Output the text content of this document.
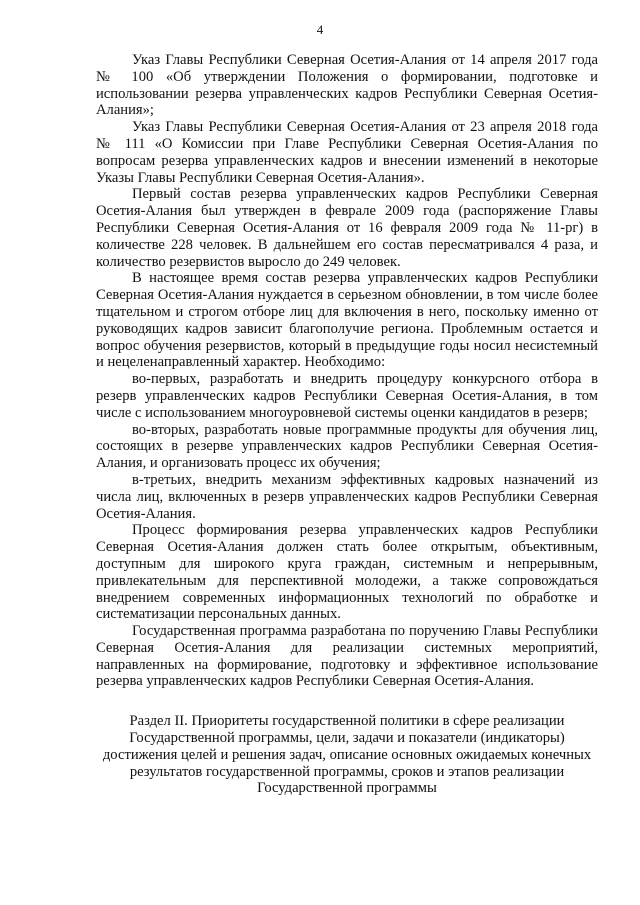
4

Указ Главы Республики Северная Осетия-Алания от 14 апреля 2017 года № 100 «Об утверждении Положения о формировании, подготовке и использовании резерва управленческих кадров Республики Северная Осетия-Алания»;

Указ Главы Республики Северная Осетия-Алания от 23 апреля 2018 года № 111 «О Комиссии при Главе Республики Северная Осетия-Алания по вопросам резерва управленческих кадров и внесении изменений в некоторые Указы Главы Республики Северная Осетия-Алания».

Первый состав резерва управленческих кадров Республики Северная Осетия-Алания был утвержден в феврале 2009 года (распоряжение Главы Республики Северная Осетия-Алания от 16 февраля 2009 года № 11-рг) в количестве 228 человек. В дальнейшем его состав пересматривался 4 раза, и количество резервистов выросло до 249 человек.

В настоящее время состав резерва управленческих кадров Республики Северная Осетия-Алания нуждается в серьезном обновлении, в том числе более тщательном и строгом отборе лиц для включения в него, поскольку именно от руководящих кадров зависит благополучие региона. Проблемным остается и вопрос обучения резервистов, который в предыдущие годы носил несистемный и нецеленаправленный характер. Необходимо:

во-первых, разработать и внедрить процедуру конкурсного отбора в резерв управленческих кадров Республики Северная Осетия-Алания, в том числе с использованием многоуровневой системы оценки кандидатов в резерв;

во-вторых, разработать новые программные продукты для обучения лиц, состоящих в резерве управленческих кадров Республики Северная Осетия-Алания, и организовать процесс их обучения;

в-третьих, внедрить механизм эффективных кадровых назначений из числа лиц, включенных в резерв управленческих кадров Республики Северная Осетия-Алания.

Процесс формирования резерва управленческих кадров Республики Северная Осетия-Алания должен стать более открытым, объективным, доступным для широкого круга граждан, системным и непрерывным, привлекательным для перспективной молодежи, а также сопровождаться внедрением современных информационных технологий по обработке и систематизации персональных данных.

Государственная программа разработана по поручению Главы Республики Северная Осетия-Алания для реализации системных мероприятий, направленных на формирование, подготовку и эффективное использование резерва управленческих кадров Республики Северная Осетия-Алания.

Раздел II. Приоритеты государственной политики в сфере реализации Государственной программы, цели, задачи и показатели (индикаторы) достижения целей и решения задач, описание основных ожидаемых конечных результатов государственной программы, сроков и этапов реализации Государственной программы
